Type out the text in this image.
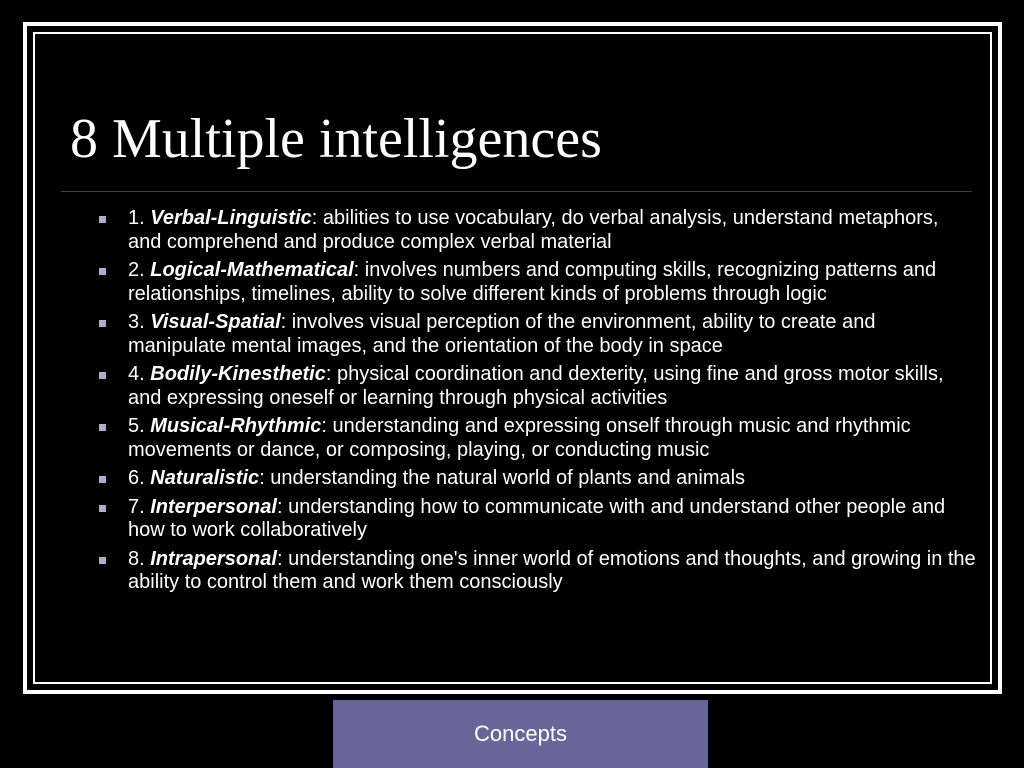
8 Multiple intelligences
1. Verbal-Linguistic: abilities to use vocabulary, do verbal analysis, understand metaphors, and comprehend and produce complex verbal material
2. Logical-Mathematical: involves numbers and computing skills, recognizing patterns and relationships, timelines, ability to solve different kinds of problems through logic
3. Visual-Spatial: involves visual perception of the environment, ability to create and manipulate mental images, and the orientation of the body in space
4. Bodily-Kinesthetic: physical coordination and dexterity, using fine and gross motor skills, and expressing oneself or learning through physical activities
5. Musical-Rhythmic: understanding and expressing onself through music and rhythmic movements or dance, or composing, playing, or conducting music
6. Naturalistic: understanding the natural world of plants and animals
7. Interpersonal: understanding how to communicate with and understand other people and how to work collaboratively
8. Intrapersonal: understanding one's inner world of emotions and thoughts, and growing in the ability to control them and work them consciously
Concepts
